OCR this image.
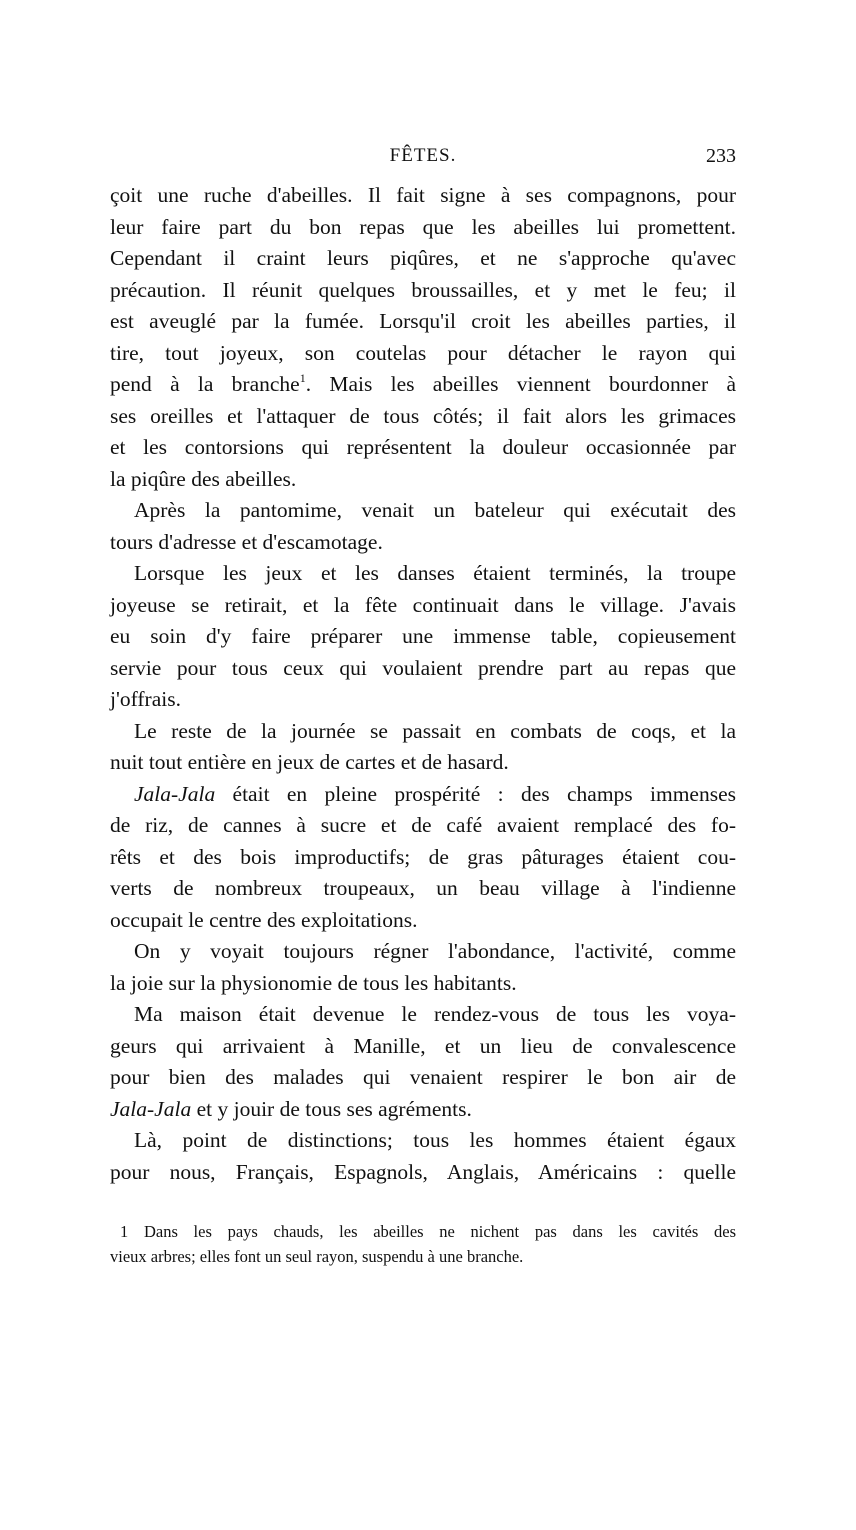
FÊTES.	233
çoit une ruche d'abeilles. Il fait signe à ses compagnons, pour
leur faire part du bon repas que les abeilles lui promettent.
Cependant il craint leurs piqûres, et ne s'approche qu'avec
précaution. Il réunit quelques broussailles, et y met le feu; il
est aveuglé par la fumée. Lorsqu'il croit les abeilles parties, il
tire, tout joyeux, son coutelas pour détacher le rayon qui
pend à la branche$^1$. Mais les abeilles viennent bourdonner à
ses oreilles et l'attaquer de tous côtés; il fait alors les grimaces
et les contorsions qui représentent la douleur occasionnée par
la piqûre des abeilles.
Après la pantomime, venait un bateleur qui exécutait des
tours d'adresse et d'escamotage.
Lorsque les jeux et les danses étaient terminés, la troupe
joyeuse se retirait, et la fête continuait dans le village. J'avais
eu soin d'y faire préparer une immense table, copieusement
servie pour tous ceux qui voulaient prendre part au repas que
j'offrais.
Le reste de la journée se passait en combats de coqs, et la
nuit tout entière en jeux de cartes et de hasard.
Jala-Jala était en pleine prospérité : des champs immenses
de riz, de cannes à sucre et de café avaient remplacé des fo-
rêts et des bois improductifs; de gras pâturages étaient cou-
verts de nombreux troupeaux, un beau village à l'indienne
occupait le centre des exploitations.
On y voyait toujours régner l'abondance, l'activité, comme
la joie sur la physionomie de tous les habitants.
Ma maison était devenue le rendez-vous de tous les voya-
geurs qui arrivaient à Manille, et un lieu de convalescence
pour bien des malades qui venaient respirer le bon air de
Jala-Jala et y jouir de tous ses agréments.
Là, point de distinctions; tous les hommes étaient égaux
pour nous, Français, Espagnols, Anglais, Américains : quelle
1 Dans les pays chauds, les abeilles ne nichent pas dans les cavités des
vieux arbres; elles font un seul rayon, suspendu à une branche.
